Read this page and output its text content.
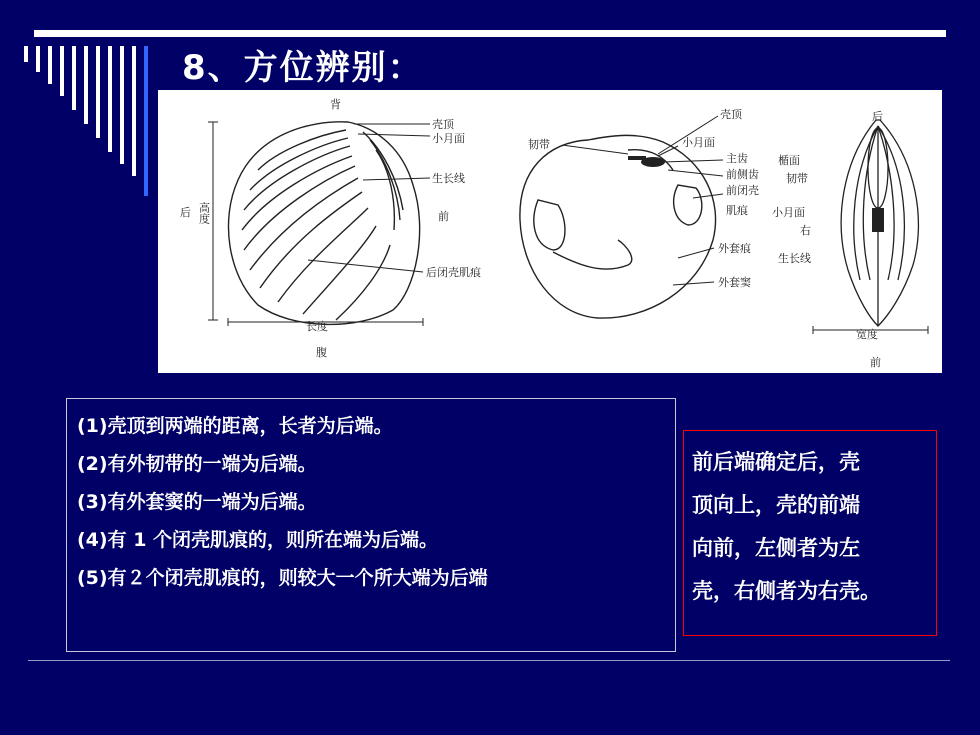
8、方位辨别：
背
后 高度
长度
腹
壳顶
小月面
生长线
前
后闭壳肌痕
韧带
壳顶
小月面
主齿
前侧齿
前闭壳
肌痕
外套痕
外套窦
后
楯面
韧带
小月面
右
生长线
宽度
前
(1)壳顶到两端的距离，长者为后端。
(2)有外韧带的一端为后端。
(3)有外套窦的一端为后端。
(4)有 1 个闭壳肌痕的，则所在端为后端。
(5)有２个闭壳肌痕的，则较大一个所大端为后端

前后端确定后，壳

顶向上，壳的前端

向前，左侧者为左

壳，右侧者为右壳。
